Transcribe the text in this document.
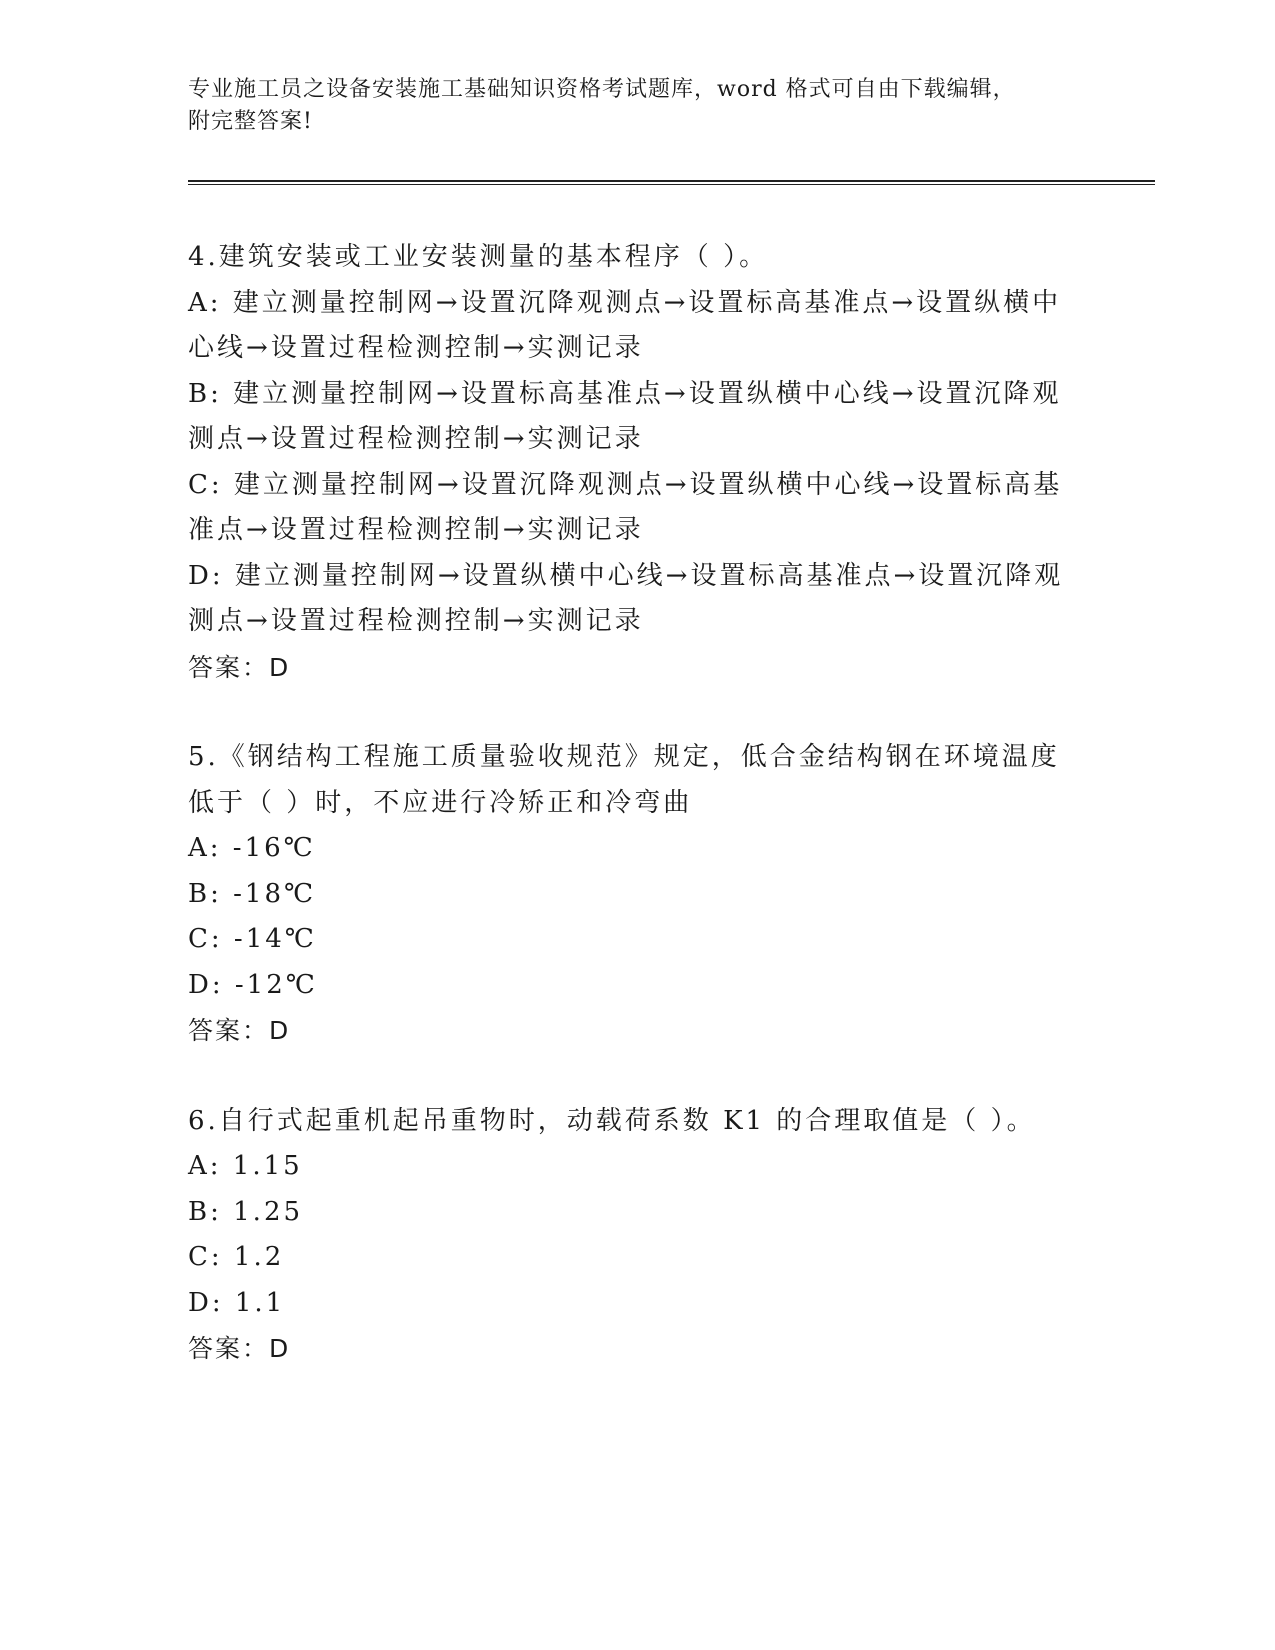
专业施工员之设备安装施工基础知识资格考试题库，word 格式可自由下载编辑，
附完整答案!

4.建筑安装或工业安装测量的基本程序（ ）。

A: 建立测量控制网→设置沉降观测点→设置标高基准点→设置纵横中心线→设置过程检测控制→实测记录

B: 建立测量控制网→设置标高基准点→设置纵横中心线→设置沉降观测点→设置过程检测控制→实测记录

C: 建立测量控制网→设置沉降观测点→设置纵横中心线→设置标高基准点→设置过程检测控制→实测记录

D: 建立测量控制网→设置纵横中心线→设置标高基准点→设置沉降观测点→设置过程检测控制→实测记录

答案：D

5.《钢结构工程施工质量验收规范》规定，低合金结构钢在环境温度低于（ ）时，不应进行冷矫正和冷弯曲

A: -16℃

B: -18℃

C: -14℃

D: -12℃

答案：D

6.自行式起重机起吊重物时，动载荷系数 K1 的合理取值是（ ）。

A: 1.15

B: 1.25

C: 1.2

D: 1.1

答案：D
